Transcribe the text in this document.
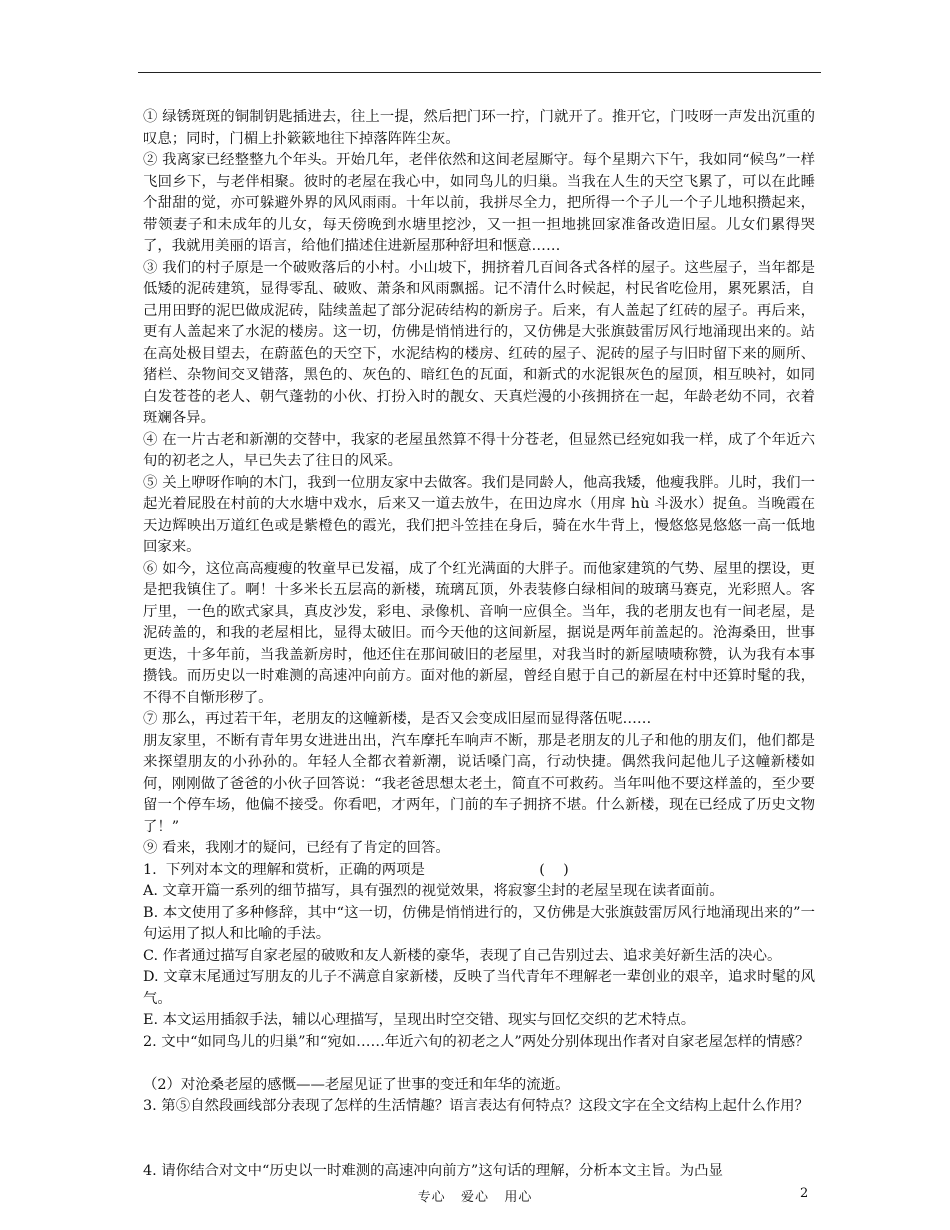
① 绿锈斑斑的铜制钥匙插进去，往上一提，然后把门环一拧，门就开了。推开它，门吱呀一声发出沉重的叹息；同时，门楣上扑簌簌地往下掉落阵阵尘灰。

② 我离家已经整整九个年头。开始几年，老伴依然和这间老屋厮守。每个星期六下午，我如同“候鸟”一样飞回乡下，与老伴相聚。彼时的老屋在我心中，如同鸟儿的归巢。当我在人生的天空飞累了，可以在此睡个甜甜的觉，亦可躲避外界的风风雨雨。十年以前，我拼尽全力，把所得一个子儿一个子儿地积攒起来，带领妻子和未成年的儿女，每天傍晚到水塘里挖沙，又一担一担地挑回家准备改造旧屋。儿女们累得哭了，我就用美丽的语言，给他们描述住进新屋那种舒坦和惬意……

③ 我们的村子原是一个破败落后的小村。小山坡下，拥挤着几百间各式各样的屋子。这些屋子，当年都是低矮的泥砖建筑，显得零乱、破败、萧条和风雨飘摇。记不清什么时候起，村民省吃俭用，累死累活，自己用田野的泥巴做成泥砖，陆续盖起了部分泥砖结构的新房子。后来，有人盖起了红砖的屋子。再后来，更有人盖起来了水泥的楼房。这一切，仿佛是悄悄进行的，又仿佛是大张旗鼓雷厉风行地涌现出来的。站在高处极目望去，在蔚蓝色的天空下，水泥结构的楼房、红砖的屋子、泥砖的屋子与旧时留下来的厕所、猪栏、杂物间交叉错落，黑色的、灰色的、暗红色的瓦面，和新式的水泥银灰色的屋顶，相互映衬，如同白发苍苍的老人、朝气蓬勃的小伙、打扮入时的靓女、天真烂漫的小孩拥挤在一起，年龄老幼不同，衣着斑斓各异。

④ 在一片古老和新潮的交替中，我家的老屋虽然算不得十分苍老，但显然已经宛如我一样，成了个年近六旬的初老之人，早已失去了往日的风采。

⑤ 关上咿呀作响的木门，我到一位朋友家中去做客。我们是同龄人，他高我矮，他瘦我胖。儿时，我们一起光着屁股在村前的大水塘中戏水，后来又一道去放牛，在田边戽水（用戽 hù 斗汲水）捉鱼。当晚霞在天边辉映出万道红色或是紫橙色的霞光，我们把斗笠挂在身后，骑在水牛背上，慢悠悠晃悠悠一高一低地回家来。

⑥ 如今，这位高高瘦瘦的牧童早已发福，成了个红光满面的大胖子。而他家建筑的气势、屋里的摆设，更是把我镇住了。啊！十多米长五层高的新楼，琉璃瓦顶，外表装修白绿相间的玻璃马赛克，光彩照人。客厅里，一色的欧式家具，真皮沙发，彩电、录像机、音响一应俱全。当年，我的老朋友也有一间老屋，是泥砖盖的，和我的老屋相比，显得太破旧。而今天他的这间新屋，据说是两年前盖起的。沧海桑田，世事更迭，十多年前，当我盖新房时，他还住在那间破旧的老屋里，对我当时的新屋啧啧称赞，认为我有本事攒钱。而历史以一时难测的高速冲向前方。面对他的新屋，曾经自慰于自己的新屋在村中还算时髦的我，不得不自惭形秽了。

⑦ 那么，再过若干年，老朋友的这幢新楼，是否又会变成旧屋而显得落伍呢……

朋友家里，不断有青年男女进进出出，汽车摩托车响声不断，那是老朋友的儿子和他的朋友们，他们都是来探望朋友的小孙孙的。年轻人全都衣着新潮，说话嗓门高，行动快捷。偶然我问起他儿子这幢新楼如何，刚刚做了爸爸的小伙子回答说：“我老爸思想太老土，简直不可救药。当年叫他不要这样盖的，至少要留一个停车场，他偏不接受。你看吧，才两年，门前的车子拥挤不堪。什么新楼，现在已经成了历史文物了！”

⑨ 看来，我刚才的疑问，已经有了肯定的回答。

1.  下列对本文的理解和赏析，正确的两项是                         (    )

A. 文章开篇一系列的细节描写，具有强烈的视觉效果，将寂寥尘封的老屋呈现在读者面前。

B. 本文使用了多种修辞，其中“这一切，仿佛是悄悄进行的，又仿佛是大张旗鼓雷厉风行地涌现出来的”一句运用了拟人和比喻的手法。

C. 作者通过描写自家老屋的破败和友人新楼的豪华，表现了自己告别过去、追求美好新生活的决心。

D. 文章末尾通过写朋友的儿子不满意自家新楼，反映了当代青年不理解老一辈创业的艰辛，追求时髦的风气。

E. 本文运用插叙手法，辅以心理描写，呈现出时空交错、现实与回忆交织的艺术特点。

2. 文中“如同鸟儿的归巢”和“宛如……年近六旬的初老之人”两处分别体现出作者对自家老屋怎样的情感？

（2）对沧桑老屋的感慨——老屋见证了世事的变迁和年华的流逝。

3. 第⑤自然段画线部分表现了怎样的生活情趣？语言表达有何特点？这段文字在全文结构上起什么作用？

4. 请你结合对文中“历史以一时难测的高速冲向前方”这句话的理解，分析本文主旨。为凸显

专心   爱心   用心	2
